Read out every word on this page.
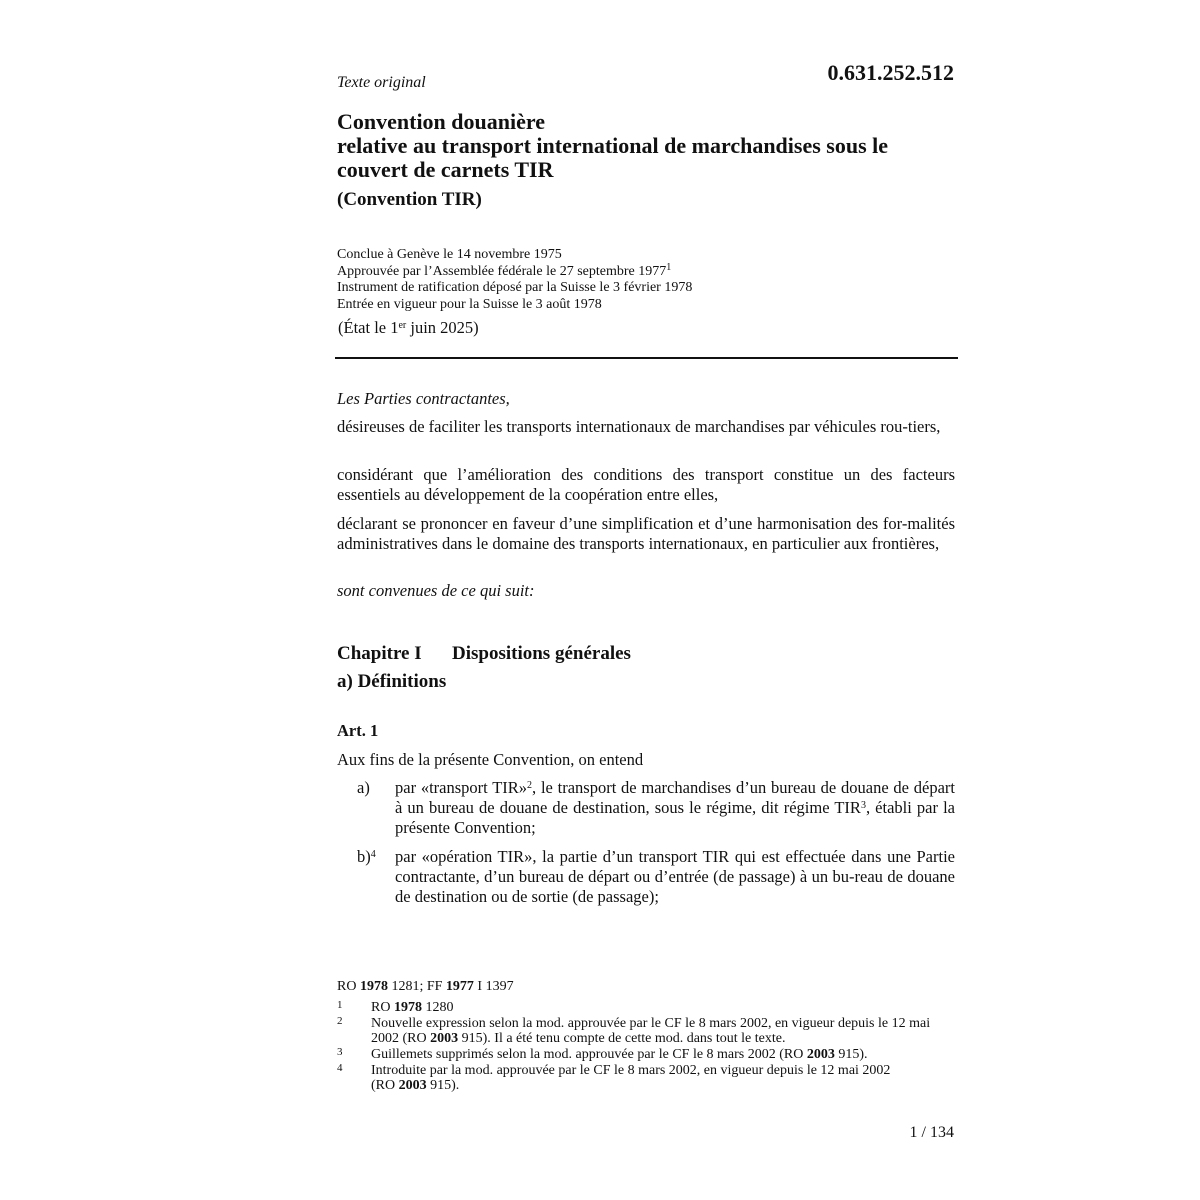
Texte original	0.631.252.512
Convention douanière
relative au transport international de marchandises sous le couvert de carnets TIR
(Convention TIR)
Conclue à Genève le 14 novembre 1975
Approuvée par l’Assemblée fédérale le 27 septembre 1977$^1$
Instrument de ratification déposé par la Suisse le 3 février 1978
Entrée en vigueur pour la Suisse le 3 août 1978
(État le 1er juin 2025)
Les Parties contractantes,
désireuses de faciliter les transports internationaux de marchandises par véhicules rou-tiers,
considérant que l’amélioration des conditions des transport constitue un des facteurs essentiels au développement de la coopération entre elles,
déclarant se prononcer en faveur d’une simplification et d’une harmonisation des for-malités administratives dans le domaine des transports internationaux, en particulier aux frontières,
sont convenues de ce qui suit:
Chapitre I Dispositions générales
a) Définitions
Art. 1
Aux fins de la présente Convention, on entend
a) par «transport TIR»$^2$, le transport de marchandises d’un bureau de douane de départ à un bureau de douane de destination, sous le régime, dit régime TIR$^3$, établi par la présente Convention;
b)$^4$ par «opération TIR», la partie d’un transport TIR qui est effectuée dans une Partie contractante, d’un bureau de départ ou d’entrée (de passage) à un bu-reau de douane de destination ou de sortie (de passage);
RO 1978 1281; FF 1977 I 1397
1 RO 1978 1280
2 Nouvelle expression selon la mod. approuvée par le CF le 8 mars 2002, en vigueur depuis le 12 mai 2002 (RO 2003 915). Il a été tenu compte de cette mod. dans tout le texte.
3 Guillemets supprimés selon la mod. approuvée par le CF le 8 mars 2002 (RO 2003 915).
4 Introduite par la mod. approuvée par le CF le 8 mars 2002, en vigueur depuis le 12 mai 2002 (RO 2003 915).
1 / 134
